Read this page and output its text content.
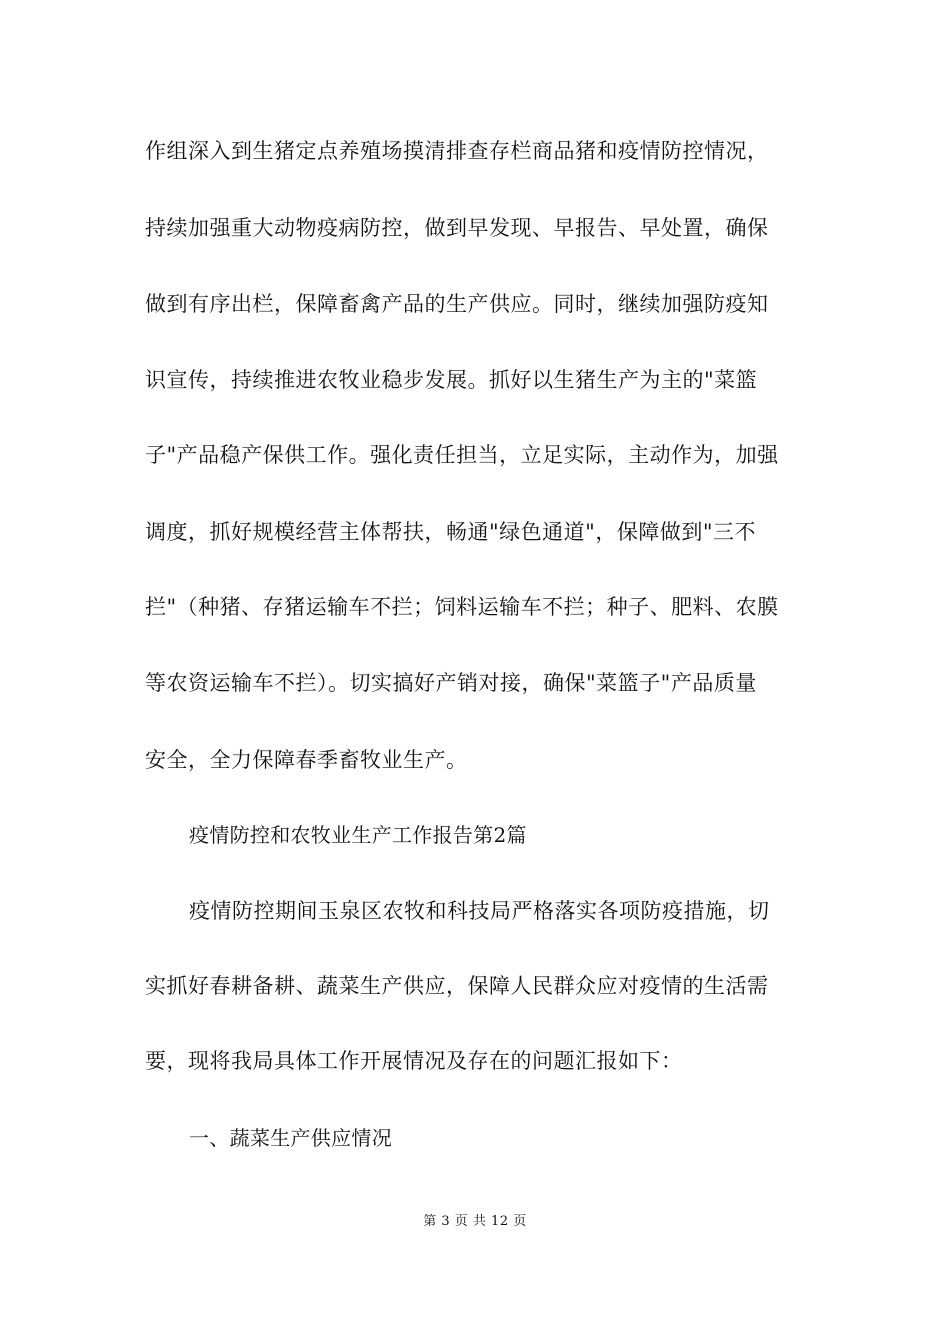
作组深入到生猪定点养殖场摸清排查存栏商品猪和疫情防控情况，
持续加强重大动物疫病防控，做到早发现、早报告、早处置，确保
做到有序出栏，保障畜禽产品的生产供应。同时，继续加强防疫知
识宣传，持续推进农牧业稳步发展。抓好以生猪生产为主的"菜篮
子"产品稳产保供工作。强化责任担当，立足实际，主动作为，加强
调度，抓好规模经营主体帮扶，畅通"绿色通道"，保障做到"三不
拦"（种猪、存猪运输车不拦；饲料运输车不拦；种子、肥料、农膜
等农资运输车不拦）。切实搞好产销对接，确保"菜篮子"产品质量
安全，全力保障春季畜牧业生产。
疫情防控和农牧业生产工作报告第2篇
疫情防控期间玉泉区农牧和科技局严格落实各项防疫措施，切
实抓好春耕备耕、蔬菜生产供应，保障人民群众应对疫情的生活需
要，现将我局具体工作开展情况及存在的问题汇报如下：
一、蔬菜生产供应情况
第 3 页 共 12 页
